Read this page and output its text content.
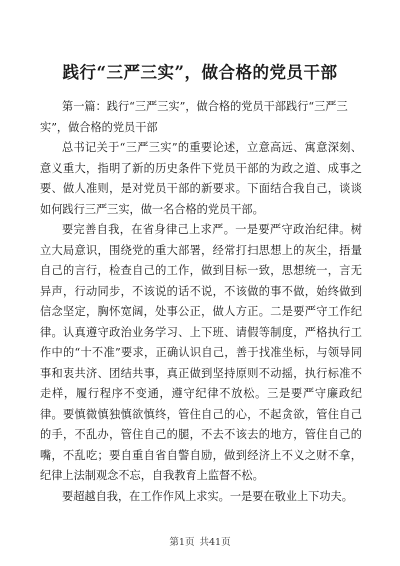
践行“三严三实”，做合格的党员干部

第一篇：践行“三严三实”，做合格的党员干部践行“三严三实”，做合格的党员干部

总书记关于“三严三实”的重要论述，立意高远、寓意深刻、意义重大，指明了新的历史条件下党员干部的为政之道、成事之要、做人准则，是对党员干部的新要求。下面结合我自己，谈谈如何践行三严三实，做一名合格的党员干部。

要完善自我，在省身律己上求严。一是要严守政治纪律。树立大局意识，围绕党的重大部署，经常打扫思想上的灰尘，捂量自己的言行，检查自己的工作，做到目标一致，思想统一，言无异声，行动同步，不该说的话不说，不该做的事不做，始终做到信念坚定，胸怀宽阔，处事公正，做人方正。二是要严守工作纪律。认真遵守政治业务学习、上下班、请假等制度，严格执行工作中的“十不准”要求，正确认识自己，善于找准坐标，与领导同事和衷共济、团结共事，真正做到坚持原则不动摇，执行标准不走样，履行程序不变通，遵守纪律不放松。三是要严守廉政纪律。要慎微慎独慎欲慎终，管住自己的心，不起贪欲，管住自己的手，不乱办，管住自己的腿，不去不该去的地方，管住自己的嘴，不乱吃；要自重自省自警自励，做到经济上不义之财不拿，纪律上法制观念不忘，自我教育上监督不松。

要超越自我，在工作作风上求实。一是要在敬业上下功夫。

第1页 共41页
